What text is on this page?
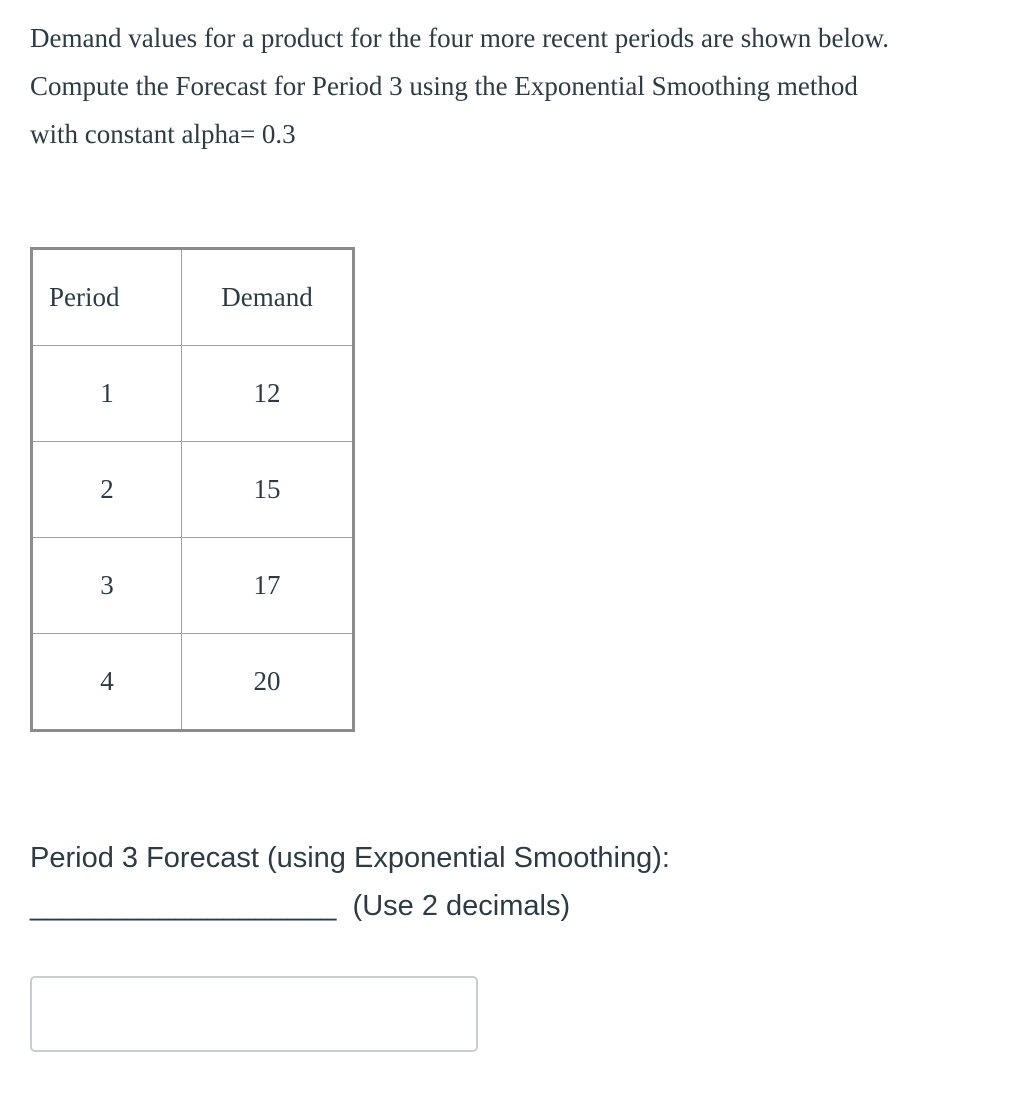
Demand values for a product for the four more recent periods are shown below.

Compute the Forecast for Period 3 using the Exponential Smoothing method

with constant alpha= 0.3

Period	Demand
1	12
2	15
3	17
4	20

Period 3 Forecast (using Exponential Smoothing):

___________________  (Use 2 decimals)
